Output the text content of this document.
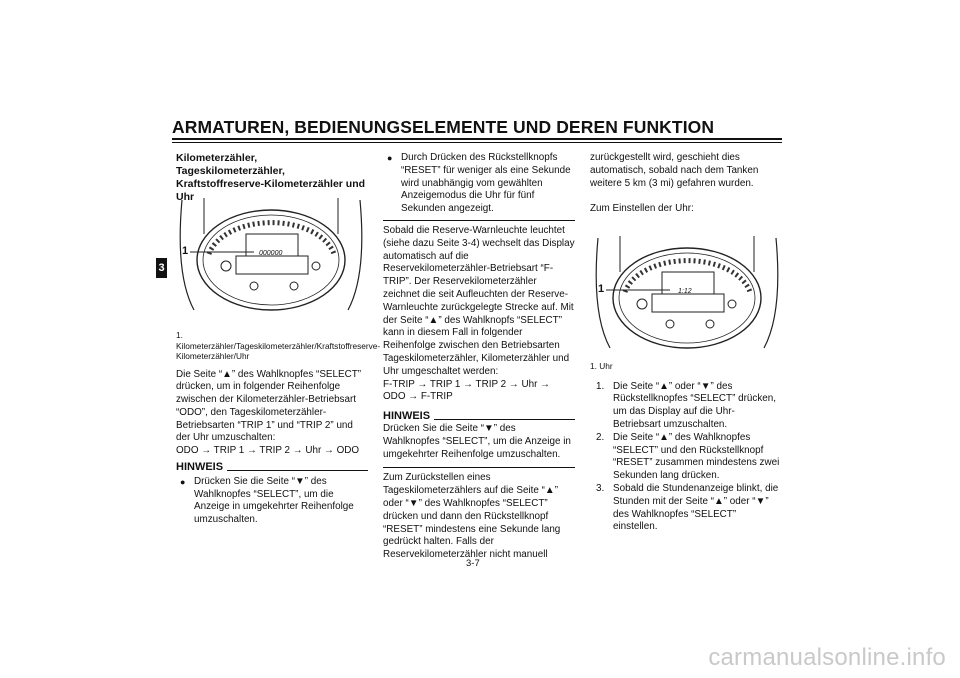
ARMATUREN, BEDIENUNGSELEMENTE UND DEREN FUNKTION
3

Kilometerzähler, Tageskilometerzähler, Kraftstoffreserve-Kilometerzähler und Uhr

000000
1

1. Kilometerzähler/Tageskilometerzähler/Kraftstoffreserve-Kilometerzähler/Uhr

Die Seite “▲” des Wahlknopfes “SELECT” drücken, um in folgender Reihenfolge zwischen der Kilometerzähler-Betriebsart “ODO”, den Tageskilometerzähler-Betriebsarten “TRIP 1” und “TRIP 2” und der Uhr umzuschalten:

ODO → TRIP 1 → TRIP 2 → Uhr → ODO

HINWEIS
● Drücken Sie die Seite “▼” des Wahlknopfes “SELECT”, um die Anzeige in umgekehrter Reihenfolge umzuschalten.
● Durch Drücken des Rückstellknopfs “RESET” für weniger als eine Sekunde wird unabhängig vom gewählten Anzeigemodus die Uhr für fünf Sekunden angezeigt.

Sobald die Reserve-Warnleuchte leuchtet (siehe dazu Seite 3-4) wechselt das Display automatisch auf die Reservekilometerzähler-Betriebsart “F-TRIP”. Der Reservekilometerzähler zeichnet die seit Aufleuchten der Reserve-Warnleuchte zurückgelegte Strecke auf. Mit der Seite “▲” des Wahlknopfs “SELECT” kann in diesem Fall in folgender Reihenfolge zwischen den Betriebsarten Tageskilometerzähler, Kilometerzähler und Uhr umgeschaltet werden:

F-TRIP → TRIP 1 → TRIP 2 → Uhr → ODO → F-TRIP

HINWEIS

Drücken Sie die Seite “▼” des Wahlknopfes “SELECT”, um die Anzeige in umgekehrter Reihenfolge umzuschalten.

Zum Zurückstellen eines Tageskilometerzählers auf die Seite “▲” oder “▼” des Wahlknopfes “SELECT” drücken und dann den Rückstellknopf “RESET” mindestens eine Sekunde lang gedrückt halten. Falls der Reservekilometerzähler nicht manuell

zurückgestellt wird, geschieht dies automatisch, sobald nach dem Tanken weitere 5 km (3 mi) gefahren wurden.

Zum Einstellen der Uhr:

1:12
1

1. Uhr

1. Die Seite “▲” oder “▼” des Rückstellknopfes “SELECT” drücken, um das Display auf die Uhr-Betriebsart umzuschalten.
2. Die Seite “▲” des Wahlknopfes “SELECT” und den Rückstellknopf “RESET” zusammen mindestens zwei Sekunden lang drücken.
3. Sobald die Stundenanzeige blinkt, die Stunden mit der Seite “▲” oder “▼” des Wahlknopfes “SELECT” einstellen.
3-7
carmanualsonline.info
